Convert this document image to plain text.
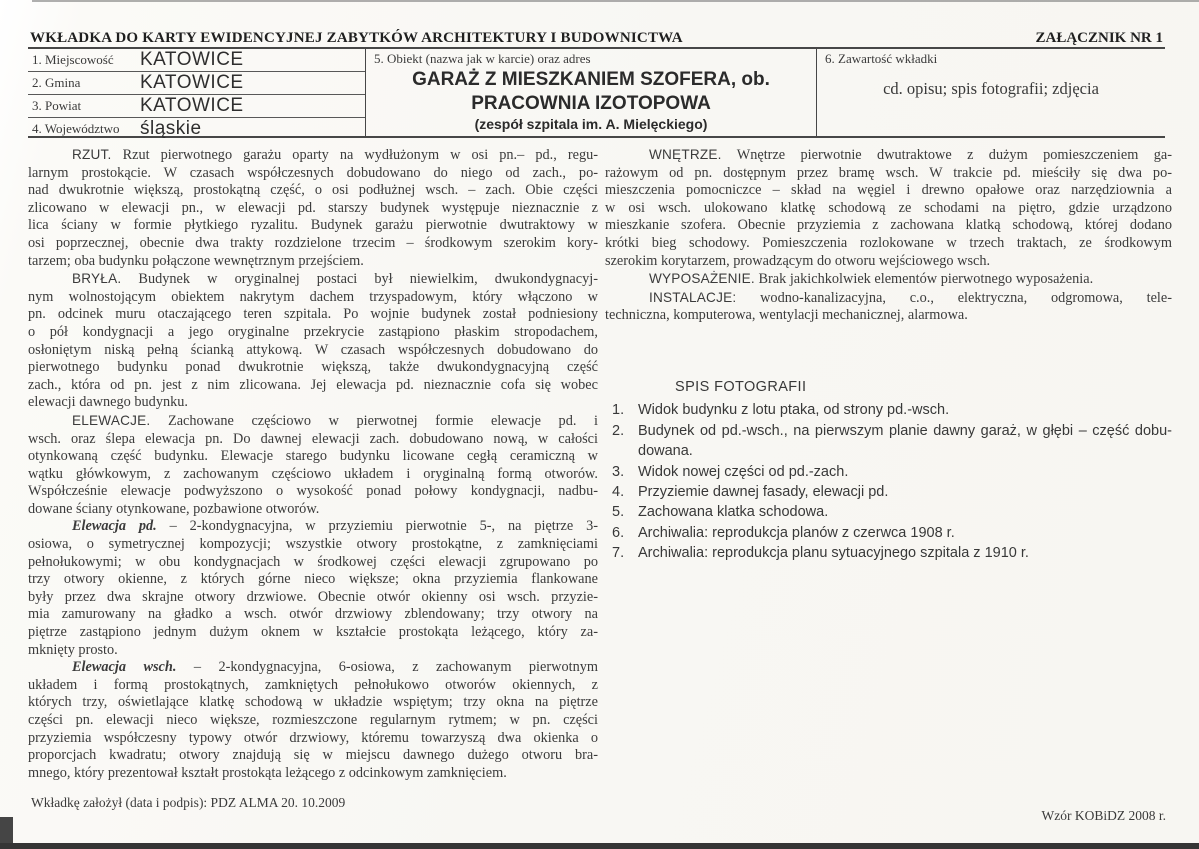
WKŁADKA DO KARTY EWIDENCYJNEJ ZABYTKÓW ARCHITEKTURY I BUDOWNICTWA	ZAŁĄCZNIK NR 1
1. Miejscowość	KATOWICE
2. Gmina	KATOWICE
3. Powiat	KATOWICE
4. Województwo	śląskie
5. Obiekt (nazwa jak w karcie) oraz adres
GARAŻ Z MIESZKANIEM SZOFERA, ob.
PRACOWNIA IZOTOPOWA
(zespół szpitala im. A. Mielęckiego)
6. Zawartość wkładki
cd. opisu; spis fotografii; zdjęcia
RZUT. Rzut pierwotnego garażu oparty na wydłużonym w osi pn.– pd., regu-
larnym prostokącie. W czasach współczesnych dobudowano do niego od zach., po-
nad dwukrotnie większą, prostokątną część, o osi podłużnej wsch. – zach. Obie części
zlicowano w elewacji pn., w elewacji pd. starszy budynek występuje nieznacznie z
lica ściany w formie płytkiego ryzalitu. Budynek garażu pierwotnie dwutraktowy w
osi poprzecznej, obecnie dwa trakty rozdzielone trzecim – środkowym szerokim kory-
tarzem; oba budynku połączone wewnętrznym przejściem.
BRYŁA. Budynek w oryginalnej postaci był niewielkim, dwukondygnacyj-
nym wolnostojącym obiektem nakrytym dachem trzyspadowym, który włączono w
pn. odcinek muru otaczającego teren szpitala. Po wojnie budynek został podniesiony
o pół kondygnacji a jego oryginalne przekrycie zastąpiono płaskim stropodachem,
osłoniętym niską pełną ścianką attykową. W czasach współczesnych dobudowano do
pierwotnego budynku ponad dwukrotnie większą, także dwukondygnacyjną część
zach., która od pn. jest z nim zlicowana. Jej elewacja pd. nieznacznie cofa się wobec
elewacji dawnego budynku.
ELEWACJE. Zachowane częściowo w pierwotnej formie elewacje pd. i
wsch. oraz ślepa elewacja pn. Do dawnej elewacji zach. dobudowano nową, w całości
otynkowaną część budynku. Elewacje starego budynku licowane cegłą ceramiczną w
wątku główkowym, z zachowanym częściowo układem i oryginalną formą otworów.
Współcześnie elewacje podwyższono o wysokość ponad połowy kondygnacji, nadbu-
dowane ściany otynkowane, pozbawione otworów.
Elewacja pd. – 2-kondygnacyjna, w przyziemiu pierwotnie 5-, na piętrze 3-
osiowa, o symetrycznej kompozycji; wszystkie otwory prostokątne, z zamknięciami
pełnołukowymi; w obu kondygnacjach w środkowej części elewacji zgrupowano po
trzy otwory okienne, z których górne nieco większe; okna przyziemia flankowane
były przez dwa skrajne otwory drzwiowe. Obecnie otwór okienny osi wsch. przyzie-
mia zamurowany na gładko a wsch. otwór drzwiowy zblendowany; trzy otwory na
piętrze zastąpiono jednym dużym oknem w kształcie prostokąta leżącego, który za-
mknięty prosto.
Elewacja wsch. – 2-kondygnacyjna, 6-osiowa, z zachowanym pierwotnym
układem i formą prostokątnych, zamkniętych pełnołukowo otworów okiennych, z
których trzy, oświetlające klatkę schodową w układzie wspiętym; trzy okna na piętrze
części pn. elewacji nieco większe, rozmieszczone regularnym rytmem; w pn. części
przyziemia współczesny typowy otwór drzwiowy, któremu towarzyszą dwa okienka o
proporcjach kwadratu; otwory znajdują się w miejscu dawnego dużego otworu bra-
mnego, który prezentował kształt prostokąta leżącego z odcinkowym zamknięciem.
WNĘTRZE. Wnętrze pierwotnie dwutraktowe z dużym pomieszczeniem ga-
rażowym od pn. dostępnym przez bramę wsch. W trakcie pd. mieściły się dwa po-
mieszczenia pomocniczce – skład na węgiel i drewno opałowe oraz narzędziownia a
w osi wsch. ulokowano klatkę schodową ze schodami na piętro, gdzie urządzono
mieszkanie szofera. Obecnie przyziemia z zachowana klatką schodową, której dodano
krótki bieg schodowy. Pomieszczenia rozlokowane w trzech traktach, ze środkowym
szerokim korytarzem, prowadzącym do otworu wejściowego wsch.
WYPOSAŻENIE. Brak jakichkolwiek elementów pierwotnego wyposażenia.
INSTALACJE: wodno-kanalizacyjna, c.o., elektryczna, odgromowa, tele-
techniczna, komputerowa, wentylacji mechanicznej, alarmowa.
SPIS FOTOGRAFII
1. Widok budynku z lotu ptaka, od strony pd.-wsch.
2. Budynek od pd.-wsch., na pierwszym planie dawny garaż, w głębi – część dobu-
dowana.
3. Widok nowej części od pd.-zach.
4. Przyziemie dawnej fasady, elewacji pd.
5. Zachowana klatka schodowa.
6. Archiwalia: reprodukcja planów z czerwca 1908 r.
7. Archiwalia: reprodukcja planu sytuacyjnego szpitala z 1910 r.
Wkładkę założył (data i podpis): PDZ ALMA 20. 10.2009
Wzór KOBiDZ 2008 r.
